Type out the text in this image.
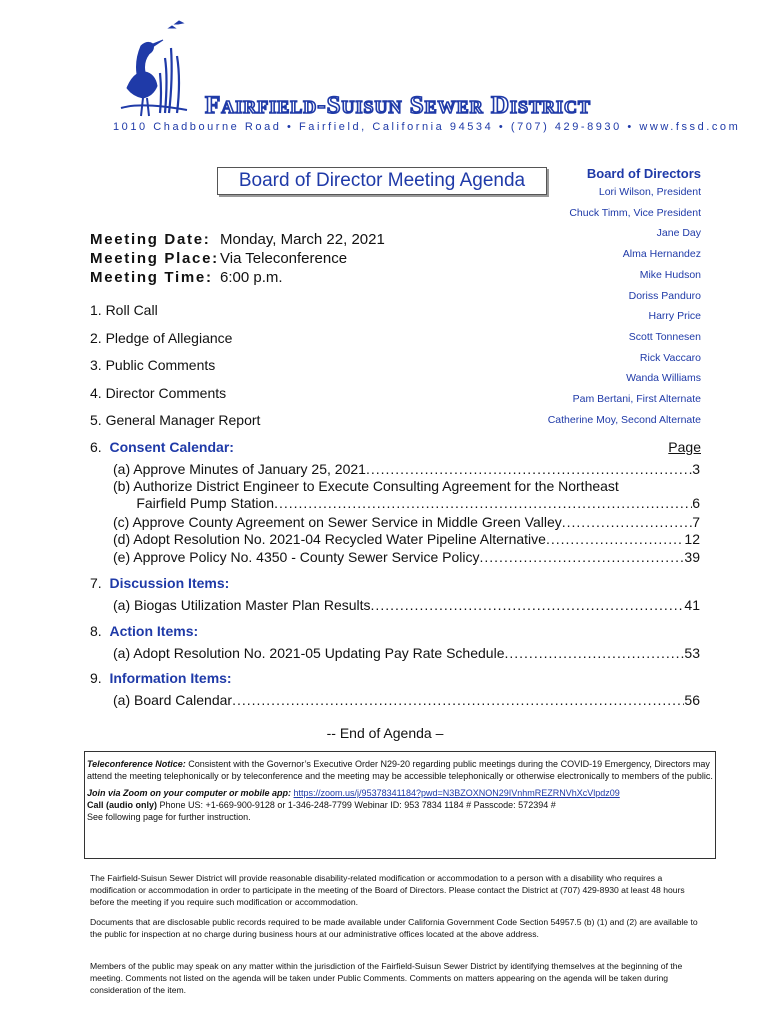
Fairfield-Suisun Sewer District
1010 Chadbourne Road • Fairfield, California 94534 • (707) 429-8930 • www.fssd.com
Board of Director Meeting Agenda	Board of Directors
Lori Wilson, President
Chuck Timm, Vice President
Jane Day
Alma Hernandez
Mike Hudson
Doriss Panduro
Harry Price
Scott Tonnesen
Rick Vaccaro
Wanda Williams
Pam Bertani, First Alternate
Catherine Moy, Second Alternate
Meeting Date: Monday, March 22, 2021
Meeting Place:Via Teleconference
Meeting Time: 6:00 p.m.
1. Roll Call
2. Pledge of Allegiance
3. Public Comments
4. Director Comments
5. General Manager Report
6. Consent Calendar:	Page
(a) Approve Minutes of January 25, 2021 .....	3
(b) Authorize District Engineer to Execute Consulting Agreement for the Northeast
Fairfield Pump Station .....	6
(c) Approve County Agreement on Sewer Service in Middle Green Valley .....	7
(d) Adopt Resolution No. 2021-04 Recycled Water Pipeline Alternative .....	12
(e) Approve Policy No. 4350 - County Sewer Service Policy .....	39
7. Discussion Items:
(a) Biogas Utilization Master Plan Results .....	41
8. Action Items:
(a) Adopt Resolution No. 2021-05 Updating Pay Rate Schedule .....	53
9. Information Items:
(a) Board Calendar .....	56
-- End of Agenda –

Teleconference Notice: Consistent with the Governor’s Executive Order N29-20 regarding public meetings during the COVID-19 Emergency, Directors may attend the meeting telephonically or by teleconference and the meeting may be accessible telephonically or otherwise electronically to members of the public.

Join via Zoom on your computer or mobile app: https://zoom.us/j/95378341184?pwd=N3BZOXNON29IVnhmREZRNVhXcVlpdz09
Call (audio only) Phone US: +1-669-900-9128 or 1-346-248-7799 Webinar ID: 953 7834 1184 # Passcode: 572394 #
See following page for further instruction.

The Fairfield-Suisun Sewer District will provide reasonable disability-related modification or accommodation to a person with a disability who requires a modification or accommodation in order to participate in the meeting of the Board of Directors. Please contact the District at (707) 429-8930 at least 48 hours before the meeting if you require such modification or accommodation.
Documents that are disclosable public records required to be made available under California Government Code Section 54957.5 (b) (1) and (2) are available to the public for inspection at no charge during business hours at our administrative offices located at the above address.
Members of the public may speak on any matter within the jurisdiction of the Fairfield-Suisun Sewer District by identifying themselves at the beginning of the meeting. Comments not listed on the agenda will be taken under Public Comments. Comments on matters appearing on the agenda will be taken during consideration of the item.
